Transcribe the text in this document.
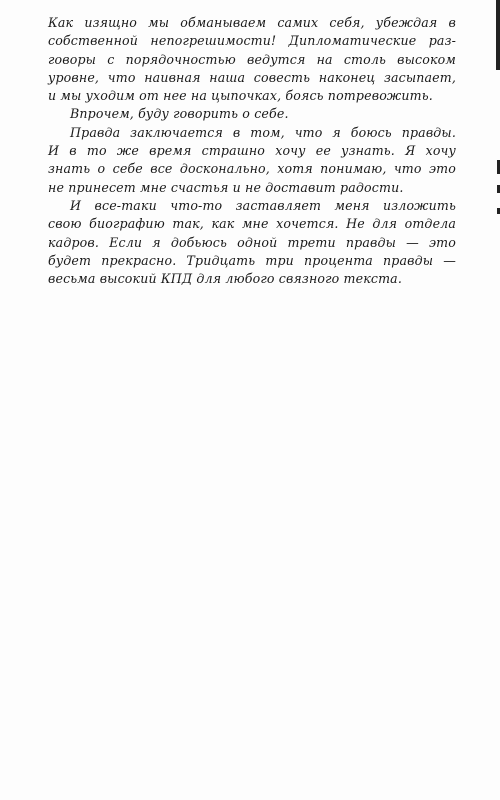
Как изящно мы обманываем самих себя, убеждая в
собственной непогрешимости! Дипломатические раз-
говоры с порядочностью ведутся на столь высоком
уровне, что наивная наша совесть наконец засыпает,
и мы уходим от нее на цыпочках, боясь потревожить.
Впрочем, буду говорить о себе.
Правда заключается в том, что я боюсь правды.
И в то же время страшно хочу ее узнать. Я хочу
знать о себе все досконально, хотя понимаю, что это
не принесет мне счастья и не доставит радости.
И все-таки что-то заставляет меня изложить
свою биографию так, как мне хочется. Не для отдела
кадров. Если я добьюсь одной трети правды — это
будет прекрасно. Тридцать три процента правды —
весьма высокий КПД для любого связного текста.
